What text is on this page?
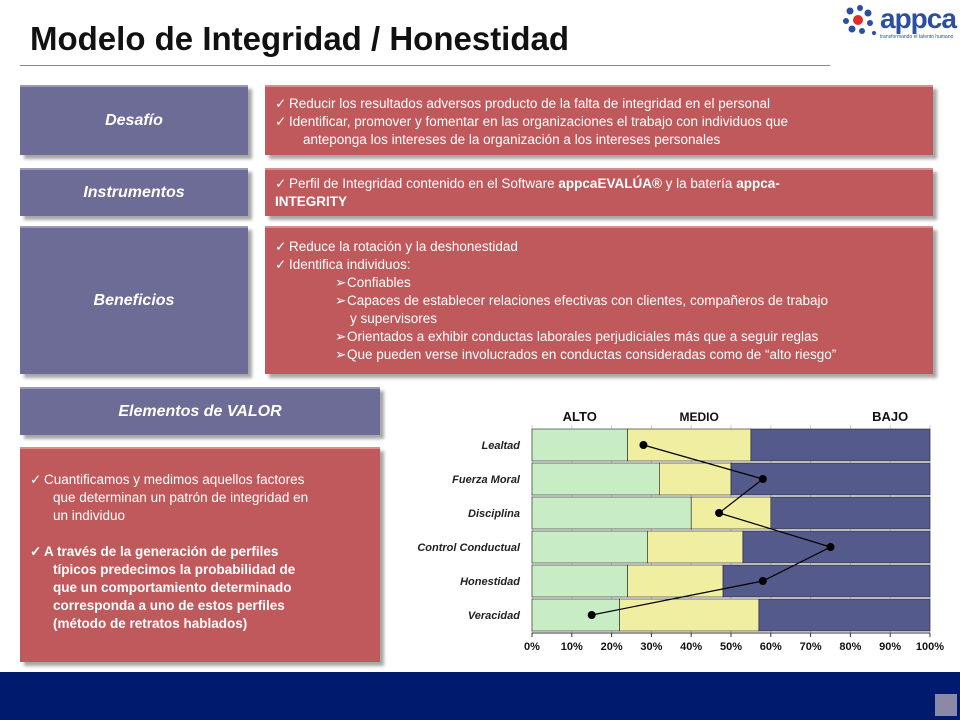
Modelo de Integridad / Honestidad
appca
transformando el talento humano
Desafío
✓ Reducir los resultados adversos producto de la falta de integridad en el personal
✓ Identificar, promover y fomentar en las organizaciones el trabajo con individuos que
anteponga los intereses de la organización a los intereses personales
Instrumentos
✓ Perfil de Integridad contenido en el Software appcaEVALÚA® y la batería appca-
INTEGRITY
Beneficios
✓ Reduce la rotación y la deshonestidad
✓ Identifica individuos:
➢Confiables
➢Capaces de establecer relaciones efectivas con clientes, compañeros de trabajo
y supervisores
➢Orientados a exhibir conductas laborales perjudiciales más que a seguir reglas
➢Que pueden verse involucrados en conductas consideradas como de “alto riesgo”
Elementos de VALOR
✓ Cuantificamos y medimos aquellos factores
que determinan un patrón de integridad en
un individuo
✓ A través de la generación de perfiles
típicos predecimos la probabilidad de
que un comportamiento determinado
corresponda a uno de estos perfiles
(método de retratos hablados)
ALTO	MEDIO	BAJO
Lealtad
Fuerza Moral
Disciplina
Control Conductual
Honestidad
Veracidad
0% 10% 20% 30% 40% 50% 60% 70% 80% 90% 100%
